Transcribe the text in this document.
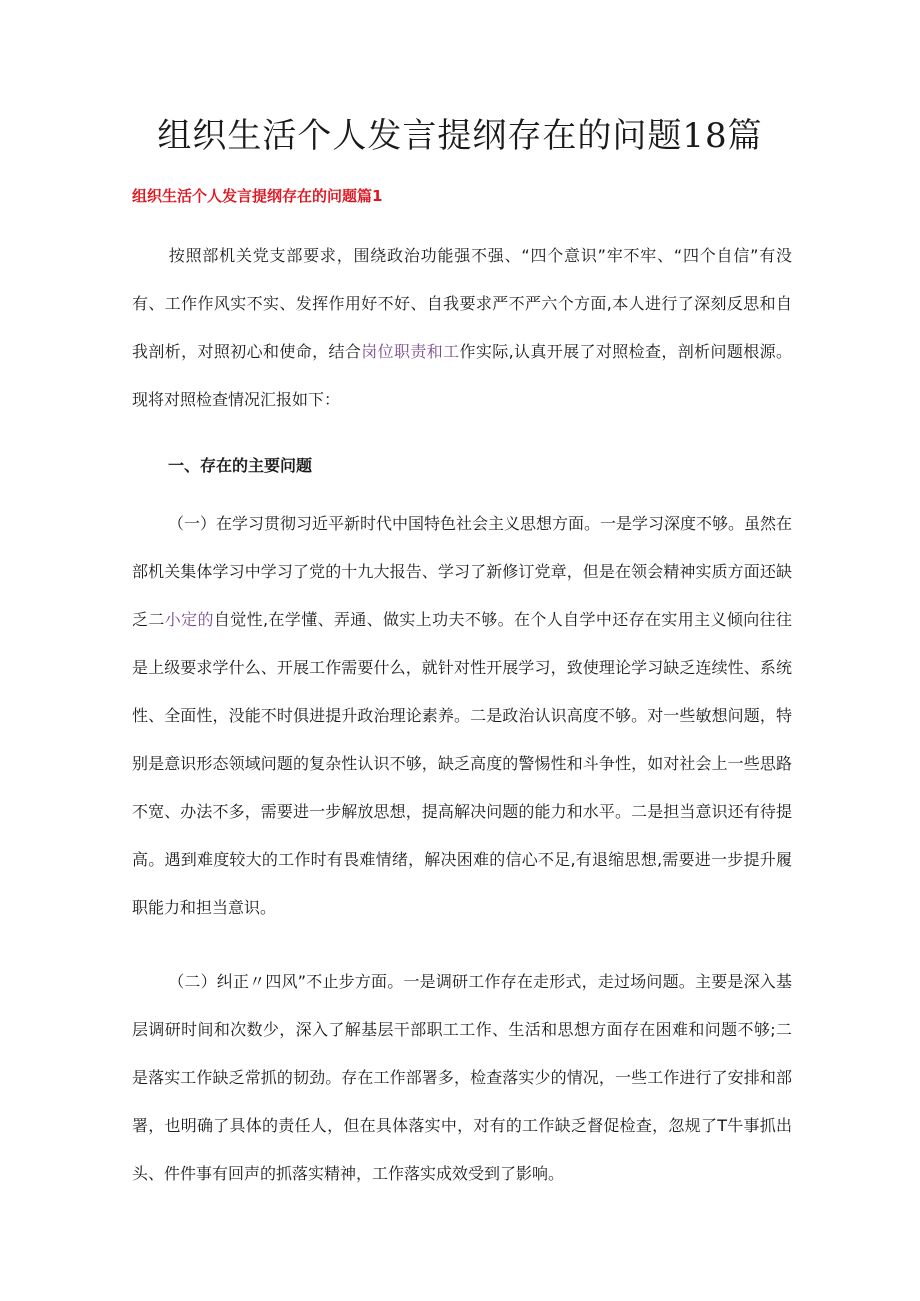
组织生活个人发言提纲存在的问题18篇
组织生活个人发言提纲存在的问题篇1

按照部机关党支部要求，围绕政治功能强不强、“四个意识”牢不牢、“四个自信”有没有、工作作风实不实、发挥作用好不好、自我要求严不严六个方面,本人进行了深刻反思和自我剖析，对照初心和使命，结合岗位职责和工作实际,认真开展了对照检查，剖析问题根源。现将对照检查情况汇报如下：

一、存在的主要问题

（一）在学习贯彻习近平新时代中国特色社会主义思想方面。一是学习深度不够。虽然在部机关集体学习中学习了党的十九大报告、学习了新修订党章，但是在领会精神实质方面还缺乏二小定的自觉性,在学懂、弄通、做实上功夫不够。在个人自学中还存在实用主义倾向往往是上级要求学什么、开展工作需要什么，就针对性开展学习，致使理论学习缺乏连续性、系统性、全面性，没能不时俱进提升政治理论素养。二是政治认识高度不够。对一些敏想问题，特别是意识形态领域问题的复杂性认识不够，缺乏高度的警惕性和斗争性，如对社会上一些思路不宽、办法不多，需要进一步解放思想，提高解决问题的能力和水平。二是担当意识还有待提高。遇到难度较大的工作时有畏难情绪，解决困难的信心不足,有退缩思想,需要进一步提升履职能力和担当意识。

（二）纠正〃四风”不止步方面。一是调研工作存在走形式，走过场问题。主要是深入基层调研时间和次数少，深入了解基层干部职工工作、生活和思想方面存在困难和问题不够;二是落实工作缺乏常抓的韧劲。存在工作部署多，检查落实少的情况，一些工作进行了安排和部署，也明确了具体的责任人，但在具体落实中，对有的工作缺乏督促检查，忽规了T牛事抓出头、件件事有回声的抓落实精神，工作落实成效受到了影响。
